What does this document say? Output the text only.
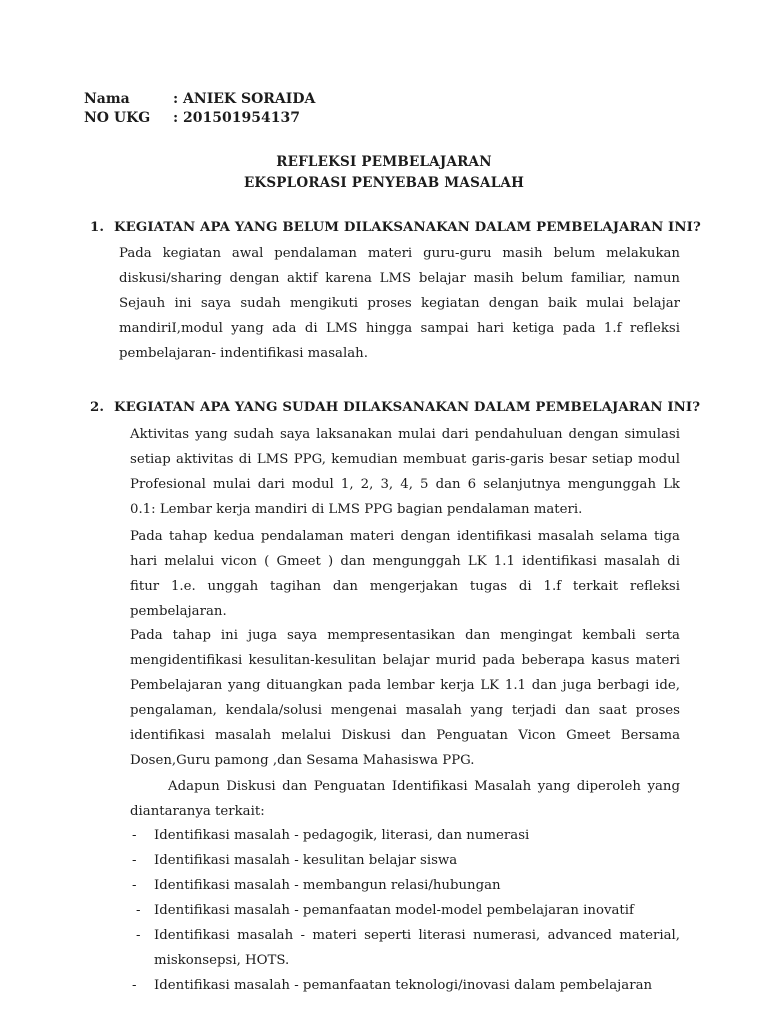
Nama	: ANIEK SORAIDA
NO UKG	: 201501954137
REFLEKSI PEMBELAJARAN
EKSPLORASI PENYEBAB MASALAH
1. KEGIATAN APA YANG BELUM DILAKSANAKAN DALAM PEMBELAJARAN INI?
Pada kegiatan awal pendalaman materi guru-guru masih belum melakukan
diskusi/sharing dengan aktif karena LMS belajar masih belum familiar, namun
Sejauh ini saya sudah mengikuti proses kegiatan dengan baik mulai belajar
mandiriI,modul yang ada di LMS hingga sampai hari ketiga pada 1.f refleksi
pembelajaran- indentifikasi masalah.
2. KEGIATAN APA YANG SUDAH DILAKSANAKAN DALAM PEMBELAJARAN INI?
Aktivitas yang sudah saya laksanakan mulai dari pendahuluan dengan simulasi
setiap aktivitas di LMS PPG, kemudian membuat garis-garis besar setiap modul
Profesional mulai dari modul 1, 2, 3, 4, 5 dan 6 selanjutnya mengunggah Lk
0.1: Lembar kerja mandiri di LMS PPG bagian pendalaman materi.
Pada tahap kedua pendalaman materi dengan identifikasi masalah selama tiga
hari melalui vicon ( Gmeet ) dan mengunggah LK 1.1 identifikasi masalah di
fitur 1.e. unggah tagihan dan mengerjakan tugas di 1.f terkait refleksi
pembelajaran.
Pada tahap ini juga saya mempresentasikan dan mengingat kembali serta
mengidentifikasi kesulitan-kesulitan belajar murid pada beberapa kasus materi
Pembelajaran yang dituangkan pada lembar kerja LK 1.1 dan juga berbagi ide,
pengalaman, kendala/solusi mengenai masalah yang terjadi dan saat proses
identifikasi masalah melalui Diskusi dan Penguatan Vicon Gmeet Bersama
Dosen,Guru pamong ,dan Sesama Mahasiswa PPG.
Adapun Diskusi dan Penguatan Identifikasi Masalah yang diperoleh yang
diantaranya terkait:
- Identifikasi masalah - pedagogik, literasi, dan numerasi
- Identifikasi masalah - kesulitan belajar siswa
- Identifikasi masalah - membangun relasi/hubungan
- Identifikasi masalah - pemanfaatan model-model pembelajaran inovatif
- Identifikasi masalah - materi seperti literasi numerasi, advanced material,
miskonsepsi, HOTS.
- Identifikasi masalah - pemanfaatan teknologi/inovasi dalam pembelajaran
